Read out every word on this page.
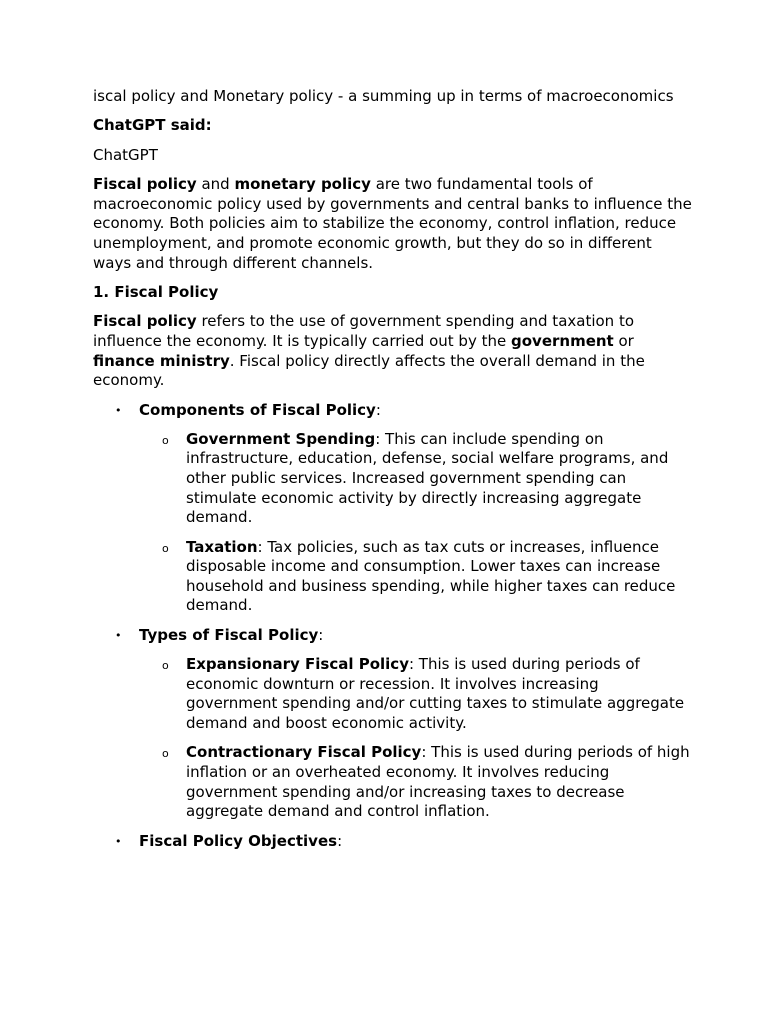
iscal policy and Monetary policy - a summing up in terms of macroeconomics

ChatGPT said:

ChatGPT

Fiscal policy and monetary policy are two fundamental tools of macroeconomic policy used by governments and central banks to influence the economy. Both policies aim to stabilize the economy, control inflation, reduce unemployment, and promote economic growth, but they do so in different ways and through different channels.

1. Fiscal Policy

Fiscal policy refers to the use of government spending and taxation to influence the economy. It is typically carried out by the government or finance ministry. Fiscal policy directly affects the overall demand in the economy.

• Components of Fiscal Policy:
o Government Spending: This can include spending on infrastructure, education, defense, social welfare programs, and other public services. Increased government spending can stimulate economic activity by directly increasing aggregate demand.
o Taxation: Tax policies, such as tax cuts or increases, influence disposable income and consumption. Lower taxes can increase household and business spending, while higher taxes can reduce demand.
• Types of Fiscal Policy:
o Expansionary Fiscal Policy: This is used during periods of economic downturn or recession. It involves increasing government spending and/or cutting taxes to stimulate aggregate demand and boost economic activity.
o Contractionary Fiscal Policy: This is used during periods of high inflation or an overheated economy. It involves reducing government spending and/or increasing taxes to decrease aggregate demand and control inflation.
• Fiscal Policy Objectives:
